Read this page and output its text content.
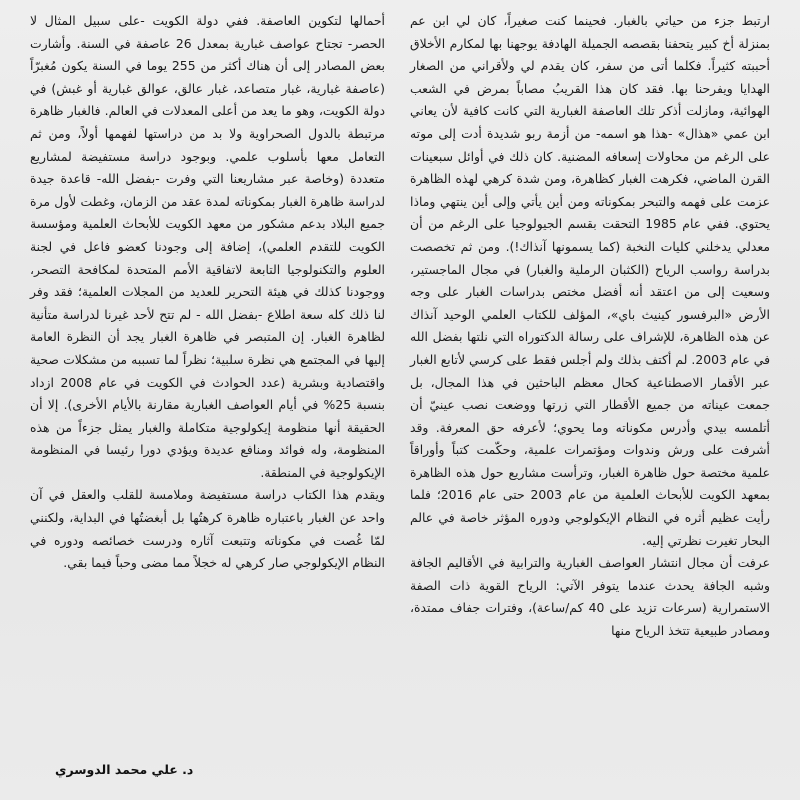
ارتبط جزء من حياتي بالغبار. فحينما كنت صغيراً، كان لي ابن عم بمنزلة أخ كبير يتحفنا بقصصه الجميلة الهادفة يوجهنا بها لمكارم الأخلاق أحببته كثيراً. فكلما أتى من سفر، كان يقدم لي ولأقراني من الصغار الهدايا ويفرحنا بها. فقد كان هذا القريبُ مصاباً بمرض في الشعب الهوائية، ومازلت أذكر تلك العاصفة الغبارية التي كانت كافية لأن يعاني ابن عمي «هذال» -هذا هو اسمه- من أزمة ربو شديدة أدت إلى موته على الرغم من محاولات إسعافه المضنية. كان ذلك في أوائل سبعينات القرن الماضي، فكرهت الغبار كظاهرة، ومن شدة كرهي لهذه الظاهرة عزمت على فهمه والتبحر بمكوناته ومن أين يأتي وإلى أين ينتهي وماذا يحتوي. ففي عام 1985 التحقت بقسم الجيولوجيا على الرغم من أن معدلي يدخلني كليات النخبة (كما يسمونها آنذاك!). ومن ثم تخصصت بدراسة رواسب الرياح (الكثبان الرملية والغبار) في مجال الماجستير، وسعيت إلى من اعتقد أنه أفضل مختص بدراسات الغبار على وجه الأرض «البرفسور كينيث باي»، المؤلف للكتاب العلمي الوحيد آنذاك عن هذه الظاهرة، للإشراف على رسالة الدكتوراه التي نلتها بفضل الله في عام 2003. لم أكتف بذلك ولم أجلس فقط على كرسي لأتابع الغبار عبر الأقمار الاصطناعية كحال معظم الباحثين في هذا المجال، بل جمعت عيناته من جميع الأقطار التي زرتها ووضعت نصب عينيّ أن أتلمسه بيدي وأدرس مكوناته وما يحوي؛ لأعرفه حق المعرفة. وقد أشرفت على ورش وندوات ومؤتمرات علمية، وحكّمت كتباً وأوراقاً علمية مختصة حول ظاهرة الغبار، وترأست مشاريع حول هذه الظاهرة بمعهد الكويت للأبحاث العلمية من عام 2003 حتى عام 2016؛ فلما رأيت عظيم أثره في النظام الإيكولوجي ودوره المؤثر خاصة في عالم البحار تغيرت نظرتي إليه.

عرفت أن مجال انتشار العواصف الغبارية والترابية في الأقاليم الجافة وشبه الجافة يحدث عندما يتوفر الآتي: الرياح القوية ذات الصفة الاستمرارية (سرعات تزيد على 40 كم/ساعة)، وفترات جفاف ممتدة، ومصادر طبيعية تتخذ الرياح منها

أحمالها لتكوين العاصفة. ففي دولة الكويت -على سبيل المثال لا الحصر- تجتاح عواصف غبارية بمعدل 26 عاصفة في السنة. وأشارت بعض المصادر إلى أن هناك أكثر من 255 يوما في السنة يكون مُغبرّاً (عاصفة غبارية، غبار متصاعد، غبار عالق، عوالق غبارية أو غبش) في دولة الكويت، وهو ما يعد من أعلى المعدلات في العالم. فالغبار ظاهرة مرتبطة بالدول الصحراوية ولا بد من دراستها لفهمها أولاً، ومن ثم التعامل معها بأسلوب علمي. وبوجود دراسة مستفيضة لمشاريع متعددة (وخاصة عبر مشاريعنا التي وفرت -بفضل الله- قاعدة جيدة لدراسة ظاهرة الغبار بمكوناته لمدة عقد من الزمان، وغطت لأول مرة جميع البلاد بدعم مشكور من معهد الكويت للأبحاث العلمية ومؤسسة الكويت للتقدم العلمي)، إضافة إلى وجودنا كعضو فاعل في لجنة العلوم والتكنولوجيا التابعة لاتفاقية الأمم المتحدة لمكافحة التصحر، ووجودنا كذلك في هيئة التحرير للعديد من المجلات العلمية؛ فقد وفر لنا ذلك كله سعة اطلاع -بفضل الله - لم تتح لأحد غيرنا لدراسة متأنية لظاهرة الغبار. إن المتبصر في ظاهرة الغبار يجد أن النظرة العامة إليها في المجتمع هي نظرة سلبية؛ نظراً لما تسببه من مشكلات صحية واقتصادية وبشرية (عدد الحوادث في الكويت في عام 2008 ازداد بنسبة 25% في أيام العواصف الغبارية مقارنة بالأيام الأخرى). إلا أن الحقيقة أنها منظومة إيكولوجية متكاملة والغبار يمثل جزءاً من هذه المنظومة، وله فوائد ومنافع عديدة ويؤدي دورا رئيسا في المنظومة الإيكولوجية في المنطقة.

ويقدم هذا الكتاب دراسة مستفيضة وملامسة للقلب والعقل في آن واحد عن الغبار باعتباره ظاهرة كرهتُها بل أبغضتُها في البداية، ولكنني لمّا غُصت في مكوناته وتتبعت آثاره ودرست خصائصه ودوره في النظام الإيكولوجي صار كرهي له خجلاً مما مضى وحباً فيما بقي.

د. علي محمد الدوسري
